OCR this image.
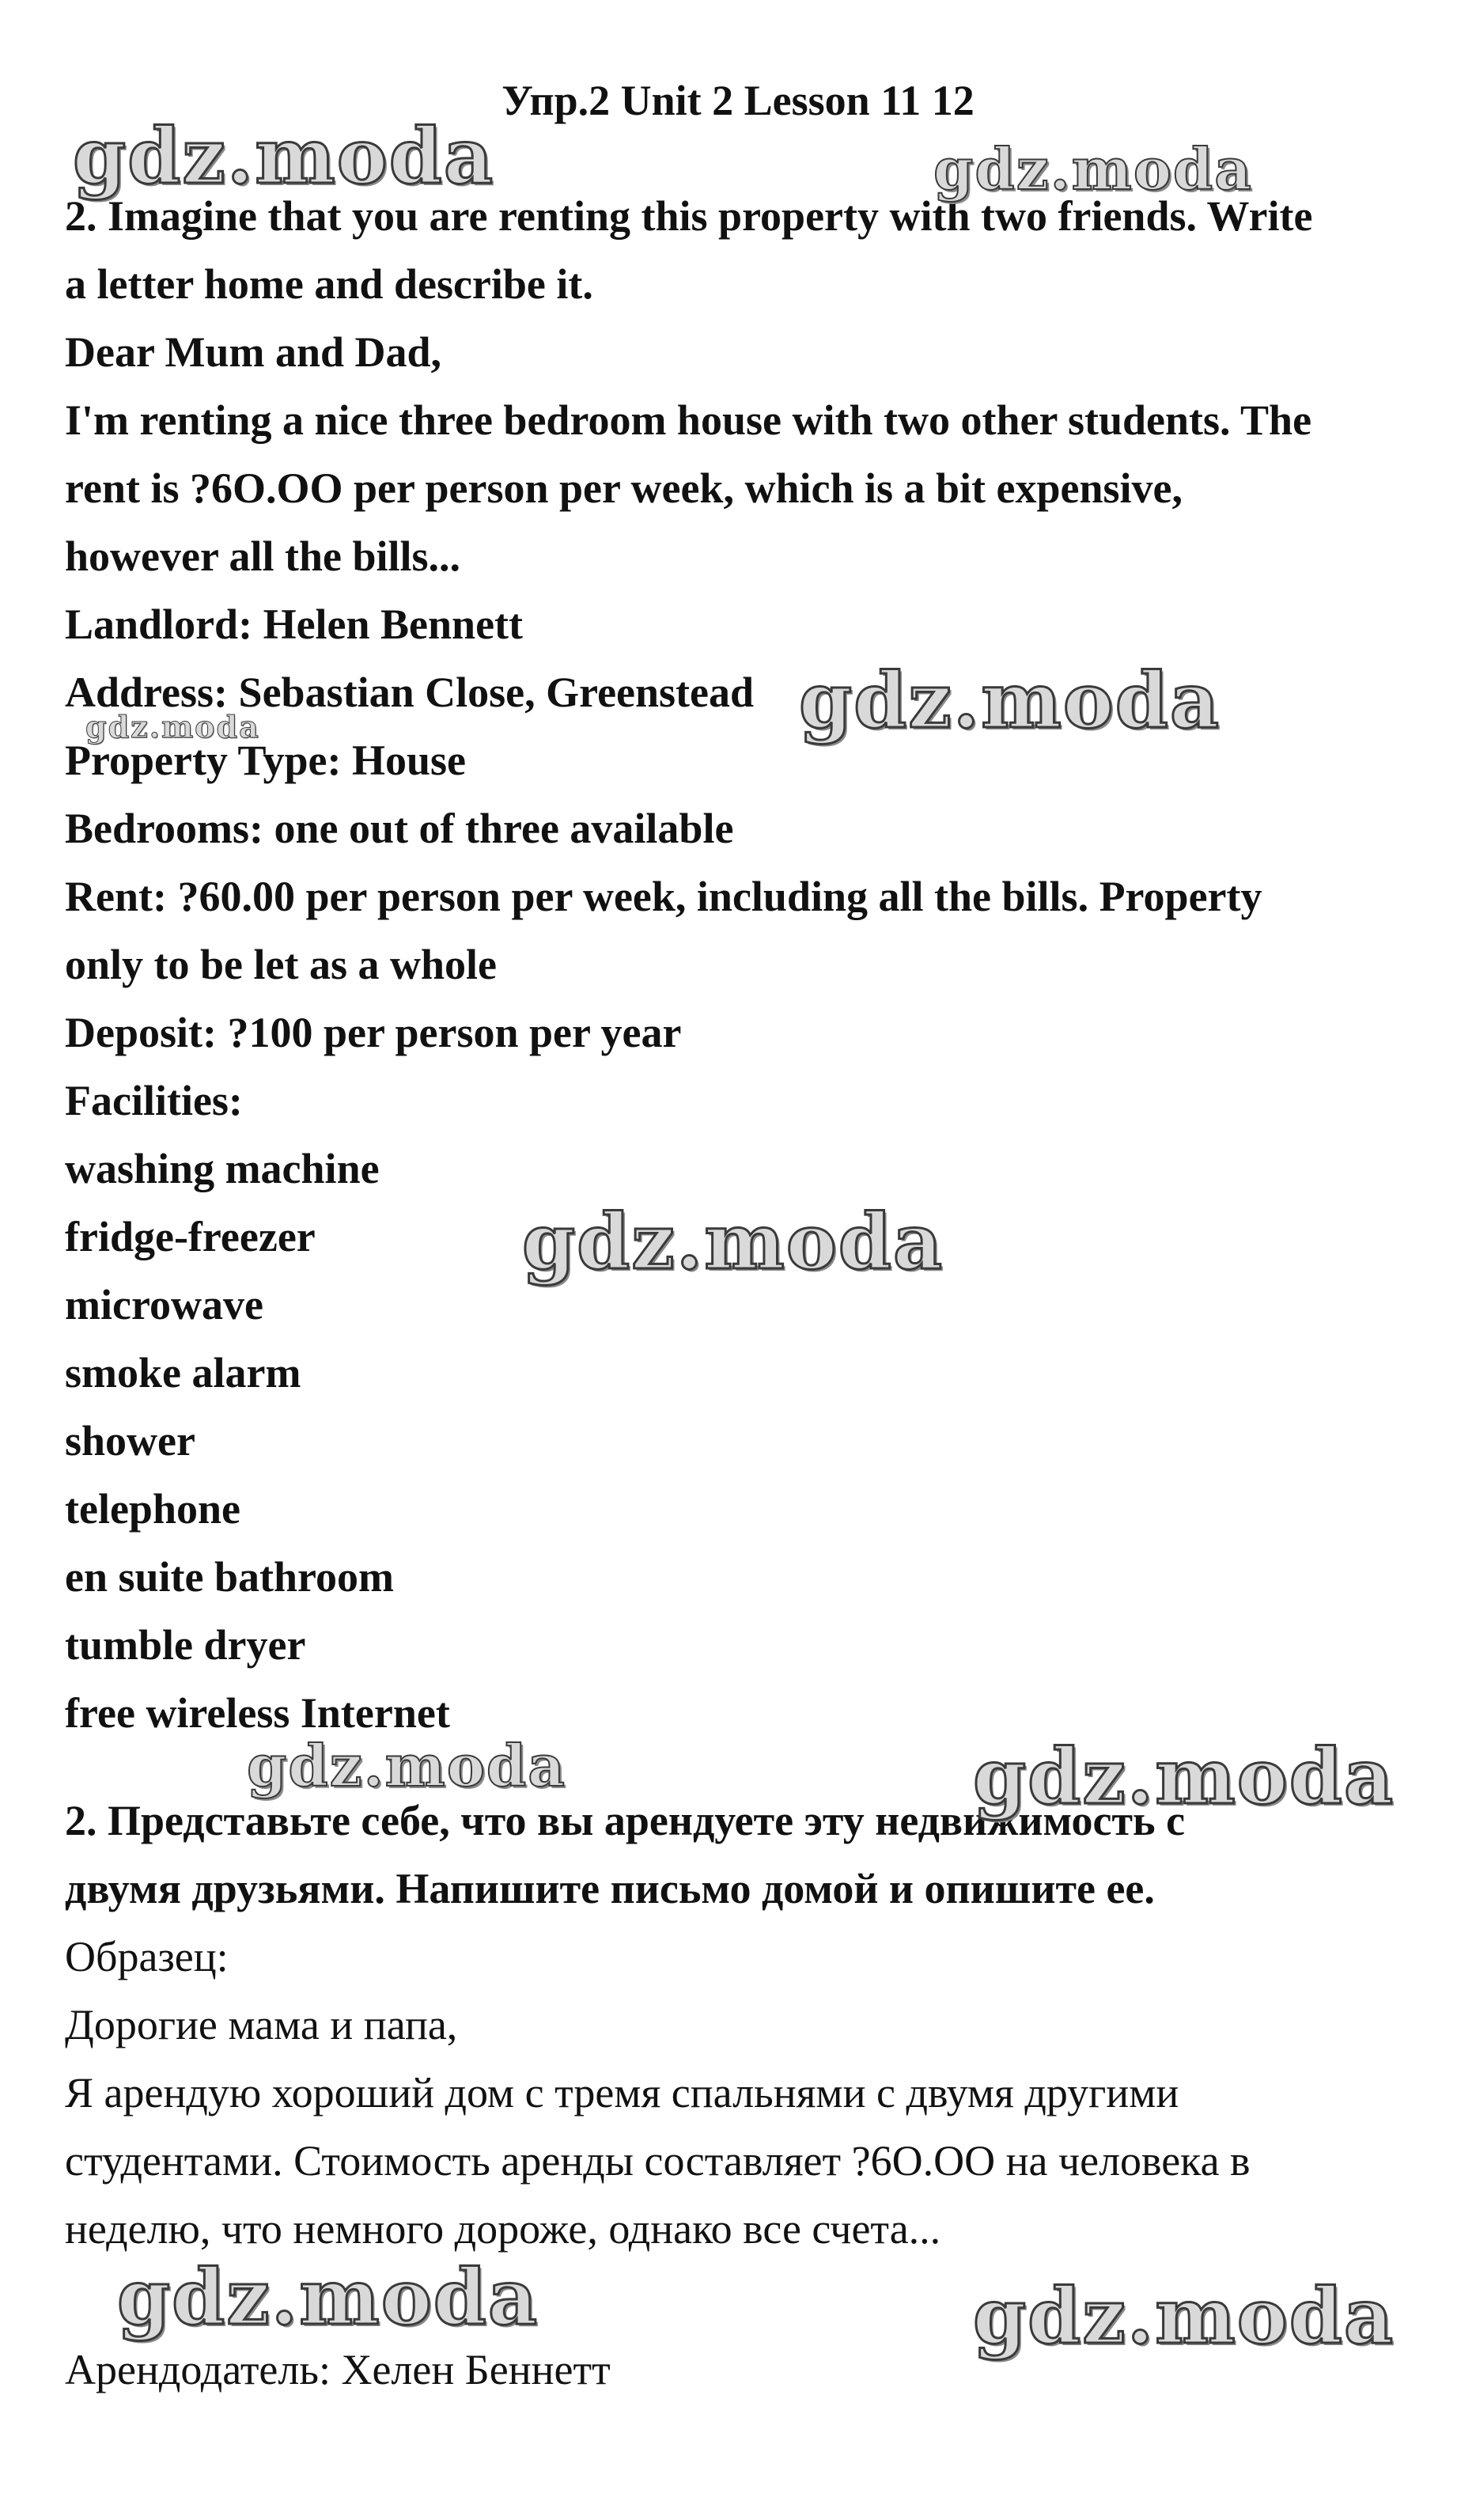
Упр.2 Unit 2 Lesson 11 12
2. Imagine that you are renting this property with two friends. Write
a letter home and describe it.
Dear Mum and Dad,
I'm renting a nice three bedroom house with two other students. The
rent is ?6O.OO per person per week, which is a bit expensive,
however all the bills...
Landlord: Helen Bennett
Address: Sebastian Close, Greenstead
Property Type: House
Bedrooms: one out of three available
Rent: ?60.00 per person per week, including all the bills. Property
only to be let as a whole
Deposit: ?100 per person per year
Facilities:
washing machine
fridge-freezer
microwave
smoke alarm
shower
telephone
en suite bathroom
tumble dryer
free wireless Internet
2. Представьте себе, что вы арендуете эту недвижимость с
двумя друзьями. Напишите письмо домой и опишите ее.
Образец:
Дорогие мама и папа,
Я арендую хороший дом с тремя спальнями с двумя другими
студентами. Стоимость аренды составляет ?6О.ОО на человека в
неделю, что немного дороже, однако все счета...
Арендодатель: Хелен Беннетт
gdz.moda	gdz.moda
gdz.moda
gdz.moda
gdz.moda
gdz.moda	gdz.moda
gdz.moda	gdz.moda
